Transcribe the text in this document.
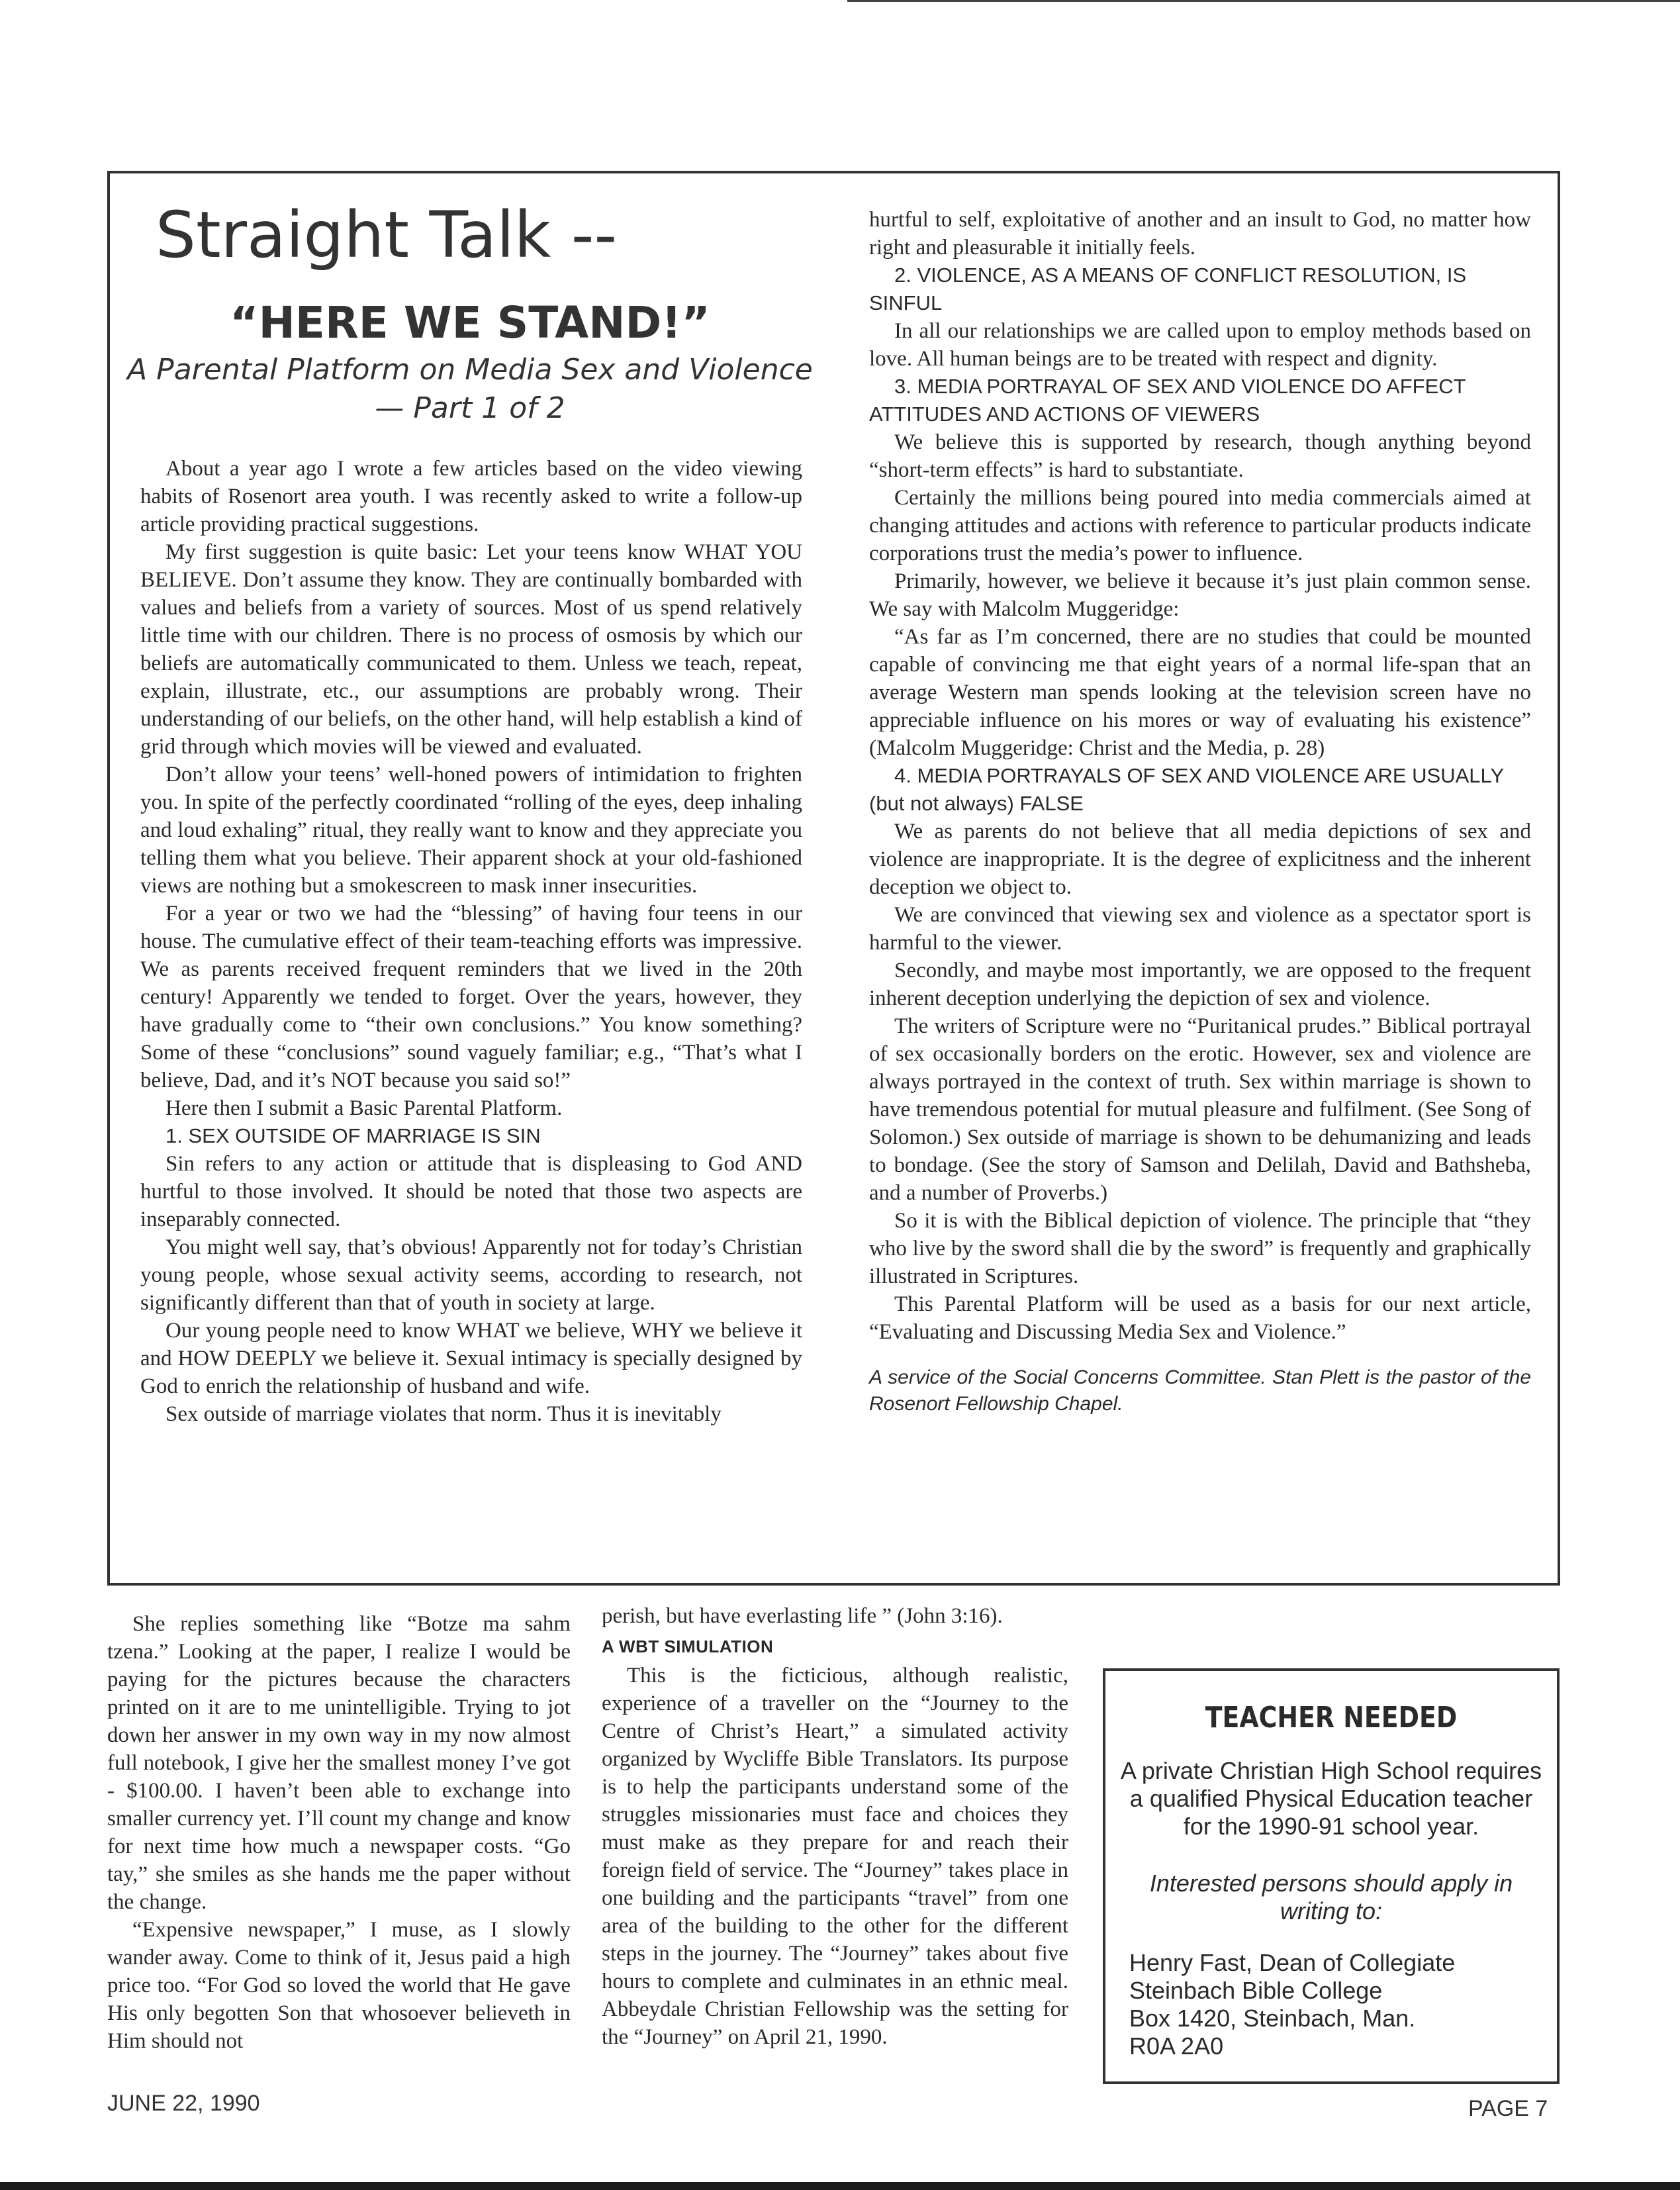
Straight Talk --
“HERE WE STAND!”
A Parental Platform on Media Sex and Violence
— Part 1 of 2

About a year ago I wrote a few articles based on the video viewing habits of Rosenort area youth. I was recently asked to write a follow-up article providing practical suggestions.

My first suggestion is quite basic: Let your teens know WHAT YOU BELIEVE. Don’t assume they know. They are continually bombarded with values and beliefs from a variety of sources. Most of us spend relatively little time with our children. There is no process of osmosis by which our beliefs are automatically communicated to them. Unless we teach, repeat, explain, illustrate, etc., our assumptions are probably wrong. Their understanding of our beliefs, on the other hand, will help establish a kind of grid through which movies will be viewed and evaluated.

Don’t allow your teens’ well-honed powers of intimidation to frighten you. In spite of the perfectly coordinated “rolling of the eyes, deep inhaling and loud exhaling” ritual, they really want to know and they appreciate you telling them what you believe. Their apparent shock at your old-fashioned views are nothing but a smokescreen to mask inner insecurities.

For a year or two we had the “blessing” of having four teens in our house. The cumulative effect of their team-teaching efforts was impressive. We as parents received frequent reminders that we lived in the 20th century! Apparently we tended to forget. Over the years, however, they have gradually come to “their own conclusions.” You know something? Some of these “conclusions” sound vaguely familiar; e.g., “That’s what I believe, Dad, and it’s NOT because you said so!”

Here then I submit a Basic Parental Platform.

1. SEX OUTSIDE OF MARRIAGE IS SIN

Sin refers to any action or attitude that is displeasing to God AND hurtful to those involved. It should be noted that those two aspects are inseparably connected.

You might well say, that’s obvious! Apparently not for today’s Christian young people, whose sexual activity seems, according to research, not significantly different than that of youth in society at large.

Our young people need to know WHAT we believe, WHY we believe it and HOW DEEPLY we believe it. Sexual intimacy is specially designed by God to enrich the relationship of husband and wife.

Sex outside of marriage violates that norm. Thus it is inevitably

hurtful to self, exploitative of another and an insult to God, no matter how right and pleasurable it initially feels.

2. VIOLENCE, AS A MEANS OF CONFLICT RESOLUTION, IS SINFUL

In all our relationships we are called upon to employ methods based on love. All human beings are to be treated with respect and dignity.

3. MEDIA PORTRAYAL OF SEX AND VIOLENCE DO AFFECT ATTITUDES AND ACTIONS OF VIEWERS

We believe this is supported by research, though anything beyond “short-term effects” is hard to substantiate.

Certainly the millions being poured into media commercials aimed at changing attitudes and actions with reference to particular products indicate corporations trust the media’s power to influence.

Primarily, however, we believe it because it’s just plain common sense. We say with Malcolm Muggeridge:

“As far as I’m concerned, there are no studies that could be mounted capable of convincing me that eight years of a normal life-span that an average Western man spends looking at the television screen have no appreciable influence on his mores or way of evaluating his existence” (Malcolm Muggeridge: Christ and the Media, p. 28)

4. MEDIA PORTRAYALS OF SEX AND VIOLENCE ARE USUALLY (but not always) FALSE

We as parents do not believe that all media depictions of sex and violence are inappropriate. It is the degree of explicitness and the inherent deception we object to.

We are convinced that viewing sex and violence as a spectator sport is harmful to the viewer.

Secondly, and maybe most importantly, we are opposed to the frequent inherent deception underlying the depiction of sex and violence.

The writers of Scripture were no “Puritanical prudes.” Biblical portrayal of sex occasionally borders on the erotic. However, sex and violence are always portrayed in the context of truth. Sex within marriage is shown to have tremendous potential for mutual pleasure and fulfilment. (See Song of Solomon.) Sex outside of marriage is shown to be dehumanizing and leads to bondage. (See the story of Samson and Delilah, David and Bathsheba, and a number of Proverbs.)

So it is with the Biblical depiction of violence. The principle that “they who live by the sword shall die by the sword” is frequently and graphically illustrated in Scriptures.

This Parental Platform will be used as a basis for our next article, “Evaluating and Discussing Media Sex and Violence.”

A service of the Social Concerns Committee. Stan Plett is the pastor of the Rosenort Fellowship Chapel.

She replies something like “Botze ma sahm tzena.” Looking at the paper, I realize I would be paying for the pictures because the characters printed on it are to me unintelligible. Trying to jot down her answer in my own way in my now almost full notebook, I give her the smallest money I’ve got - $100.00. I haven’t been able to exchange into smaller currency yet. I’ll count my change and know for next time how much a newspaper costs. “Go tay,” she smiles as she hands me the paper without the change.

“Expensive newspaper,” I muse, as I slowly wander away. Come to think of it, Jesus paid a high price too. “For God so loved the world that He gave His only begotten Son that whosoever believeth in Him should not

perish, but have everlasting life ” (John 3:16).

A WBT SIMULATION

This is the ficticious, although realistic, experience of a traveller on the “Journey to the Centre of Christ’s Heart,” a simulated activity organized by Wycliffe Bible Translators. Its purpose is to help the participants understand some of the struggles missionaries must face and choices they must make as they prepare for and reach their foreign field of service. The “Journey” takes place in one building and the participants “travel” from one area of the building to the other for the different steps in the journey. The “Journey” takes about five hours to complete and culminates in an ethnic meal. Abbeydale Christian Fellowship was the setting for the “Journey” on April 21, 1990.

TEACHER NEEDED
A private Christian High School requires a qualified Physical Education teacher for the 1990-91 school year.
Interested persons should apply in writing to:
Henry Fast, Dean of Collegiate
Steinbach Bible College
Box 1420, Steinbach, Man.
R0A 2A0
JUNE 22, 1990	PAGE 7
